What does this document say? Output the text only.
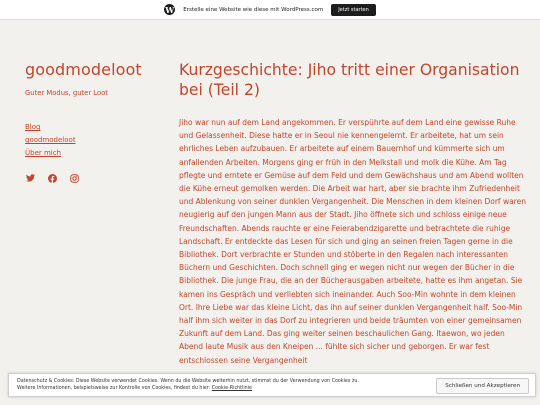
W Erstelle eine Website wie diese mit WordPress.com	Jetzt starten
goodmodeloot
Guter Modus, guter Loot
Blog
goodmodeloot
Über mich
Kurzgeschichte: Jiho tritt einer Organisation bei (Teil 2)
Jiho war nun auf dem Land angekommen. Er verspührte auf dem Land eine gewisse Ruhe und Gelassenheit. Diese hatte er in Seoul nie kennengelernt. Er arbeitete, hat um sein ehrliches Leben aufzubauen. Er arbeitete auf einem Bauernhof und kümmerte sich um anfallenden Arbeiten. Morgens ging er früh in den Melkstall und molk die Kühe. Am Tag pflegte und erntete er Gemüse auf dem Feld und dem Gewächshaus und am Abend wollten die Kühe erneut gemolken werden. Die Arbeit war hart, aber sie brachte ihm Zufriedenheit und Ablenkung von seiner dunklen Vergangenheit. Die Menschen in dem kleinen Dorf waren neugierig auf den jungen Mann aus der Stadt. Jiho öffnete sich und schloss einige neue Freundschaften. Abends rauchte er eine Feierabendzigarette und betrachtete die ruhige Landschaft. Er entdeckte das Lesen für sich und ging an seinen freien Tagen gerne in die Bibliothek. Dort verbrachte er Stunden und stöberte in den Regalen nach interessanten Büchern und Geschichten. Doch schnell ging er wegen nicht nur wegen der Bücher in die Bibliothek. Die junge Frau, die an der Bücherausgaben arbeitete, hatte es ihm angetan. Sie kamen ins Gespräch und verliebten sich ineinander. Auch Soo-Min wohnte in dem kleinen Ort. Ihre Liebe war das kleine Licht, das ihn auf seiner dunklen Vergangenheit half. Soo-Min half ihm sich weiter in das Dorf zu integrieren und beide träumten von einer gemeinsamen Zukunft auf dem Land. Das ging weiter seinen beschaulichen Gang. Itaewon, wo jeden Abend laute Musik aus den Kneipen ... fühlte sich sicher und geborgen. Er war fest entschlossen seine Vergangenheit
Datenschutz & Cookies: Diese Website verwendet Cookies. Wenn du die Website weiterhin nutzt, stimmst du der Verwendung von Cookies zu.
Weitere Informationen, beispielsweise zur Kontrolle von Cookies, findest du hier: Cookie-Richtlinie	Schließen und Akzeptieren
